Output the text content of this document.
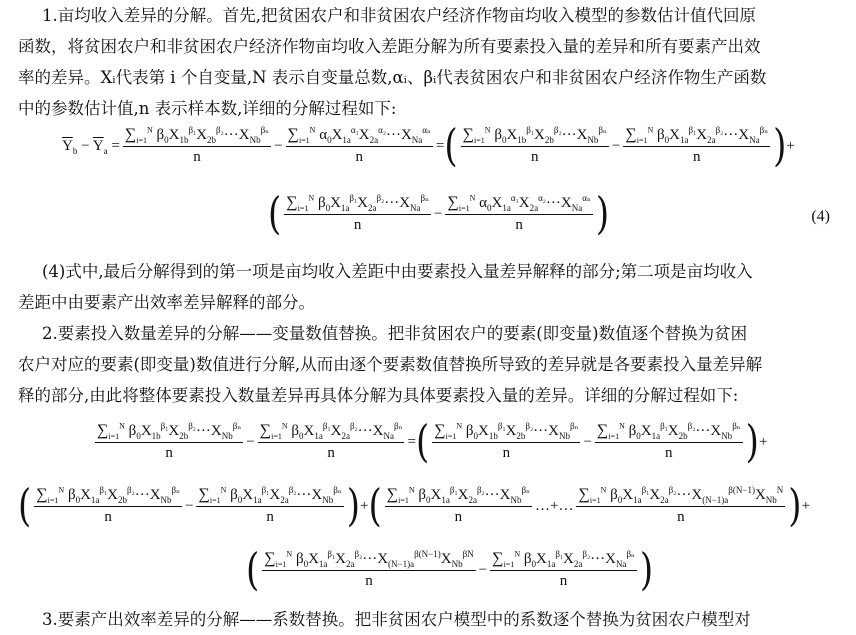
1.亩均收入差异的分解。首先,把贫困农户和非贫困农户经济作物亩均收入模型的参数估计值代回原
函数，将贫困农户和非贫困农户经济作物亩均收入差距分解为所有要素投入量的差异和所有要素产出效
率的差异。Xᵢ代表第 i 个自变量,N 表示自变量总数,αᵢ、βᵢ代表贫困农户和非贫困农户经济作物生产函数
中的参数估计值,n 表示样本数,详细的分解过程如下:
$\overline{Y}_b - \overline{Y}_a = \frac{\sum_{i=1}^N \beta_0X_{1b}^{\beta_1}X_{2b}^{\beta_2}\cdot\cdot\cdot X_{Nb}^{\beta_n}}{n} - \frac{\sum_{i=1}^N \alpha_0X_{1a}^{\alpha_1}X_{2a}^{\alpha_2}\cdot\cdot\cdot X_{Na}^{\alpha_n}}{n}$ = ( $\frac{\sum_{i=1}^N \beta_0X_{1b}^{\beta_1}X_{2b}^{\beta_2}\cdot\cdot\cdot X_{Nb}^{\beta_n}}{n} - \frac{\sum_{i=1}^N \beta_0X_{1a}^{\beta_1}X_{2a}^{\beta_2}\cdot\cdot\cdot X_{Na}^{\beta_n}}{n}$ ) +
( $\frac{\sum_{i=1}^N \beta_0X_{1a}^{\beta_1}X_{2a}^{\beta_2}\cdot\cdot\cdot X_{Na}^{\beta_n}}{n} - \frac{\sum_{i=1}^N \alpha_0X_{1a}^{\alpha_1}X_{2a}^{\alpha_2}\cdot\cdot\cdot X_{Na}^{\alpha_n}}{n}$ )	(4)
(4)式中,最后分解得到的第一项是亩均收入差距中由要素投入量差异解释的部分;第二项是亩均收入
差距中由要素产出效率差异解释的部分。
2.要素投入数量差异的分解——变量数值替换。把非贫困农户的要素(即变量)数值逐个替换为贫困
农户对应的要素(即变量)数值进行分解,从而由逐个要素数值替换所导致的差异就是各要素投入量差异解
释的部分,由此将整体要素投入数量差异再具体分解为具体要素投入量的差异。详细的分解过程如下:
$\frac{\sum_{i=1}^N \beta_0X_{1b}^{\beta_1}X_{2b}^{\beta_2}\cdot\cdot\cdot X_{Nb}^{\beta_n}}{n} - \frac{\sum_{i=1}^N \beta_0X_{1a}^{\beta_1}X_{2a}^{\beta_2}\cdot\cdot\cdot X_{Na}^{\beta_n}}{n}$ = ( $\frac{\sum_{i=1}^N \beta_0X_{1b}^{\beta_1}X_{2b}^{\beta_2}\cdot\cdot\cdot X_{Nb}^{\beta_n}}{n} - \frac{\sum_{i=1}^N \beta_0X_{1a}^{\beta_1}X_{2b}^{\beta_2}\cdot\cdot\cdot X_{Nb}^{\beta_n}}{n}$ ) +
( $\frac{\sum_{i=1}^N \beta_0X_{1a}^{\beta_1}X_{2b}^{\beta_2}\cdot\cdot\cdot X_{Nb}^{\beta_n}}{n} - \frac{\sum_{i=1}^N \beta_0X_{1a}^{\beta_1}X_{2a}^{\beta_2}\cdot\cdot\cdot X_{Nb}^{\beta_n}}{n}$ ) + ( $\frac{\sum_{i=1}^N \beta_0X_{1a}^{\beta_1}X_{2a}^{\beta_2}\cdot\cdot\cdot X_{Nb}^{\beta_n}}{n}$ …+… $\frac{\sum_{i=1}^N \beta_0X_{1a}^{\beta_1}X_{2a}^{\beta_2}\cdot\cdot\cdot X_{(N-1)a}^{\beta(N-1)}X_{Nb}^N}{n}$ ) +
( $\frac{\sum_{i=1}^N \beta_0X_{1a}^{\beta_1}X_{2a}^{\beta_2}\cdot\cdot\cdot X_{(N-1)a}^{\beta(N-1)}X_{Nb}^{\beta N}}{n} - \frac{\sum_{i=1}^N \beta_0X_{1a}^{\beta_1}X_{2a}^{\beta_2}\cdot\cdot\cdot X_{Na}^{\beta_n}}{n}$ )
3.要素产出效率差异的分解——系数替换。把非贫困农户模型中的系数逐个替换为贫困农户模型对
